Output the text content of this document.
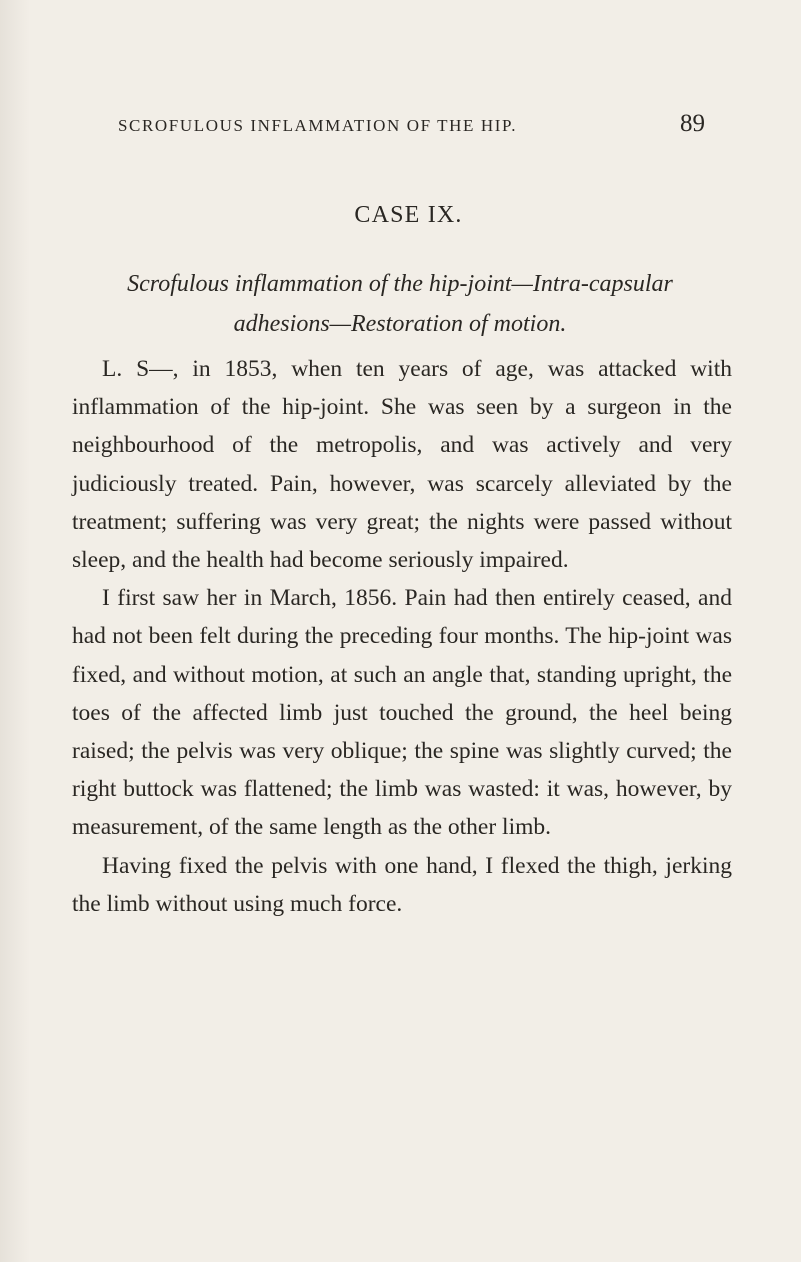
SCROFULOUS INFLAMMATION OF THE HIP.	89
CASE IX.
Scrofulous inflammation of the hip-joint—Intra-capsular
adhesions—Restoration of motion.

L. S—, in 1853, when ten years of age, was attacked with inflammation of the hip-joint. She was seen by a surgeon in the neighbourhood of the metropolis, and was actively and very judiciously treated. Pain, however, was scarcely alleviated by the treatment; suffering was very great; the nights were passed without sleep, and the health had become seriously impaired.

I first saw her in March, 1856. Pain had then entirely ceased, and had not been felt during the preceding four months. The hip-joint was fixed, and without motion, at such an angle that, standing upright, the toes of the affected limb just touched the ground, the heel being raised; the pelvis was very oblique; the spine was slightly curved; the right buttock was flattened; the limb was wasted: it was, however, by measurement, of the same length as the other limb.

Having fixed the pelvis with one hand, I flexed the thigh, jerking the limb without using much force.
